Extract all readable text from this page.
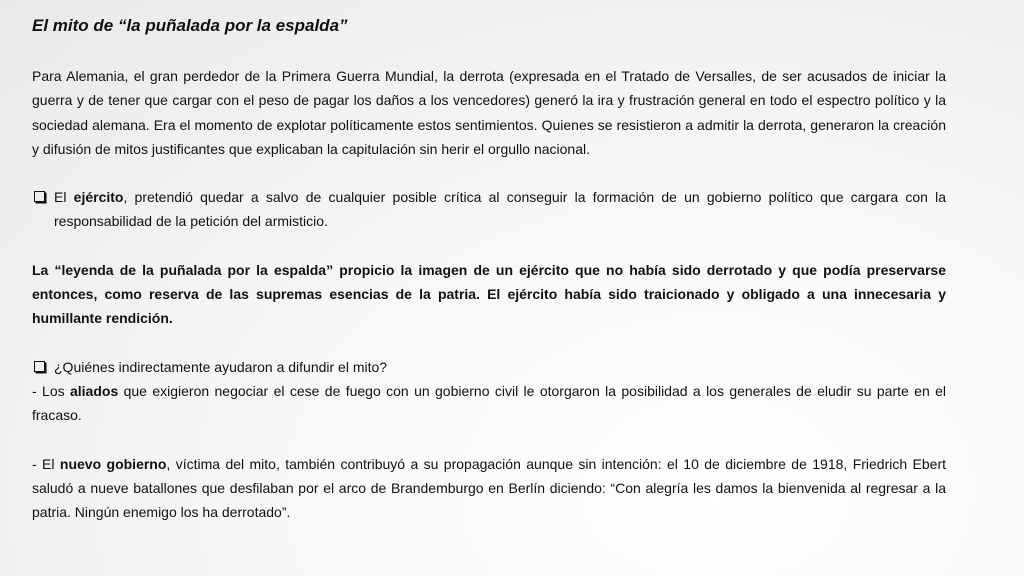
El mito de “la puñalada por la espalda”

Para Alemania, el gran perdedor de la Primera Guerra Mundial, la derrota (expresada en el Tratado de Versalles, de ser acusados de iniciar la guerra y de tener que cargar con el peso de pagar los daños a los vencedores) generó la ira y frustración general en todo el espectro político y la sociedad alemana. Era el momento de explotar políticamente estos sentimientos. Quienes se resistieron a admitir la derrota, generaron la creación y difusión de mitos justificantes que explicaban la capitulación sin herir el orgullo nacional.

El ejército, pretendió quedar a salvo de cualquier posible crítica al conseguir la formación de un gobierno político que cargara con la responsabilidad de la petición del armisticio.

La “leyenda de la puñalada por la espalda” propicio la imagen de un ejército que no había sido derrotado y que podía preservarse entonces, como reserva de las supremas esencias de la patria. El ejército había sido traicionado y obligado a una innecesaria y humillante rendición.

¿Quiénes indirectamente ayudaron a difundir el mito?

- Los aliados que exigieron negociar el cese de fuego con un gobierno civil le otorgaron la posibilidad a los generales de eludir su parte en el fracaso.

- El nuevo gobierno, víctima del mito, también contribuyó a su propagación aunque sin intención: el 10 de diciembre de 1918, Friedrich Ebert saludó a nueve batallones que desfilaban por el arco de Brandemburgo en Berlín diciendo: “Con alegría les damos la bienvenida al regresar a la patria. Ningún enemigo los ha derrotado”.
